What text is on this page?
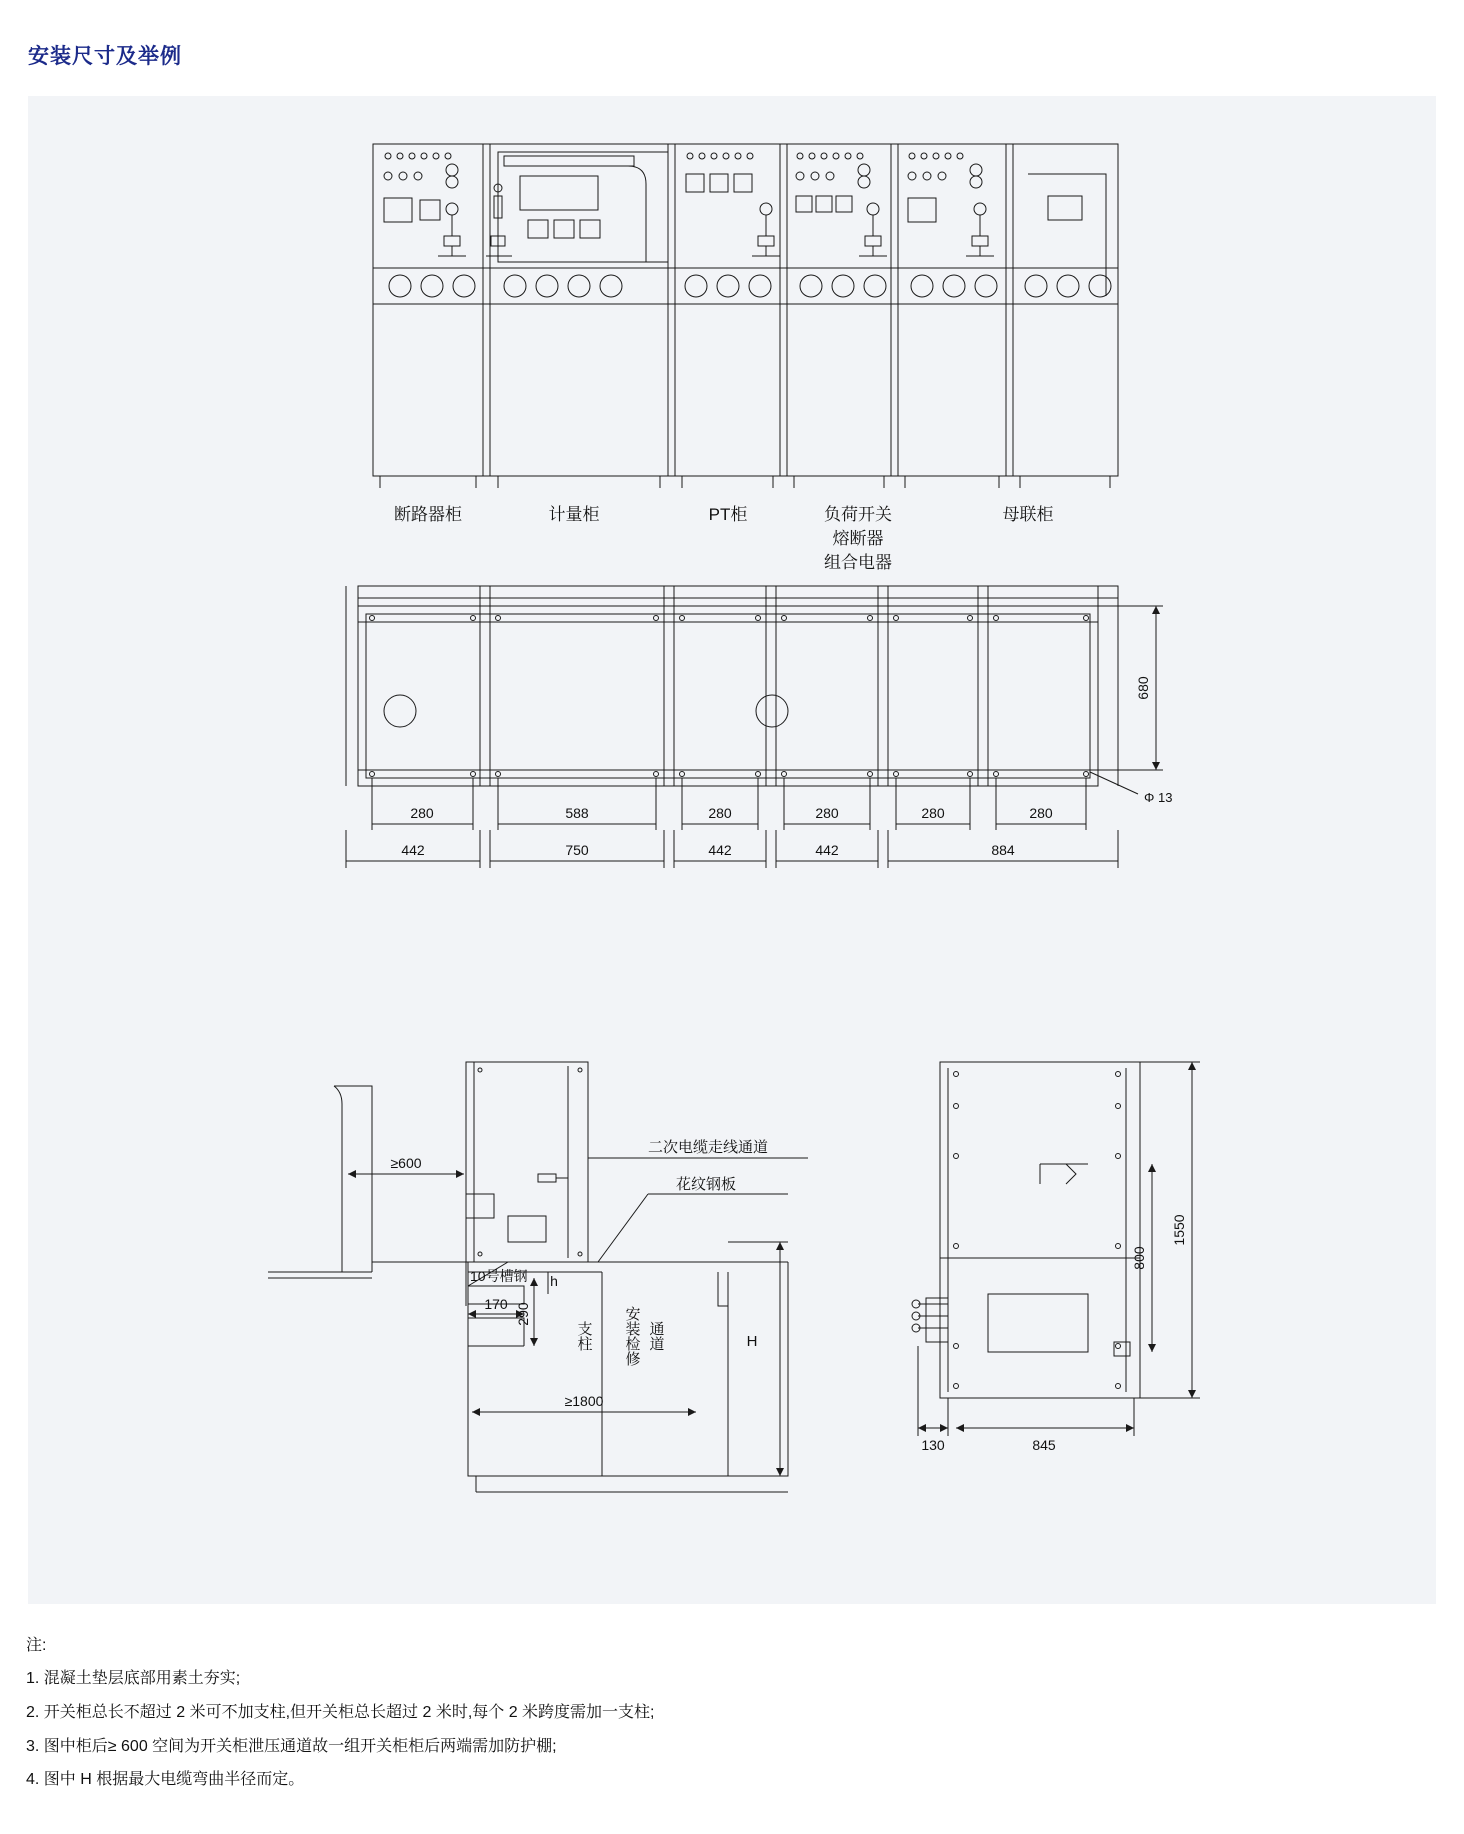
安装尺寸及举例
断路器柜	计量柜	PT柜	负荷开关
熔断器
组合电器
母联柜
680
Φ 13
280	588	280	280	280	280
442	750	442	442	884
二次电缆走线通道
花纹钢板
10号槽钢
≥600
170 290
h
支柱 安装检修 通道	H
≥1800
1550
800
130	845
注:
1. 混凝土垫层底部用素土夯实;
2. 开关柜总长不超过 2 米可不加支柱,但开关柜总长超过 2 米时,每个 2 米跨度需加一支柱;
3. 图中柜后≥ 600 空间为开关柜泄压通道故一组开关柜柜后两端需加防护棚;
4. 图中 H 根据最大电缆弯曲半径而定。
